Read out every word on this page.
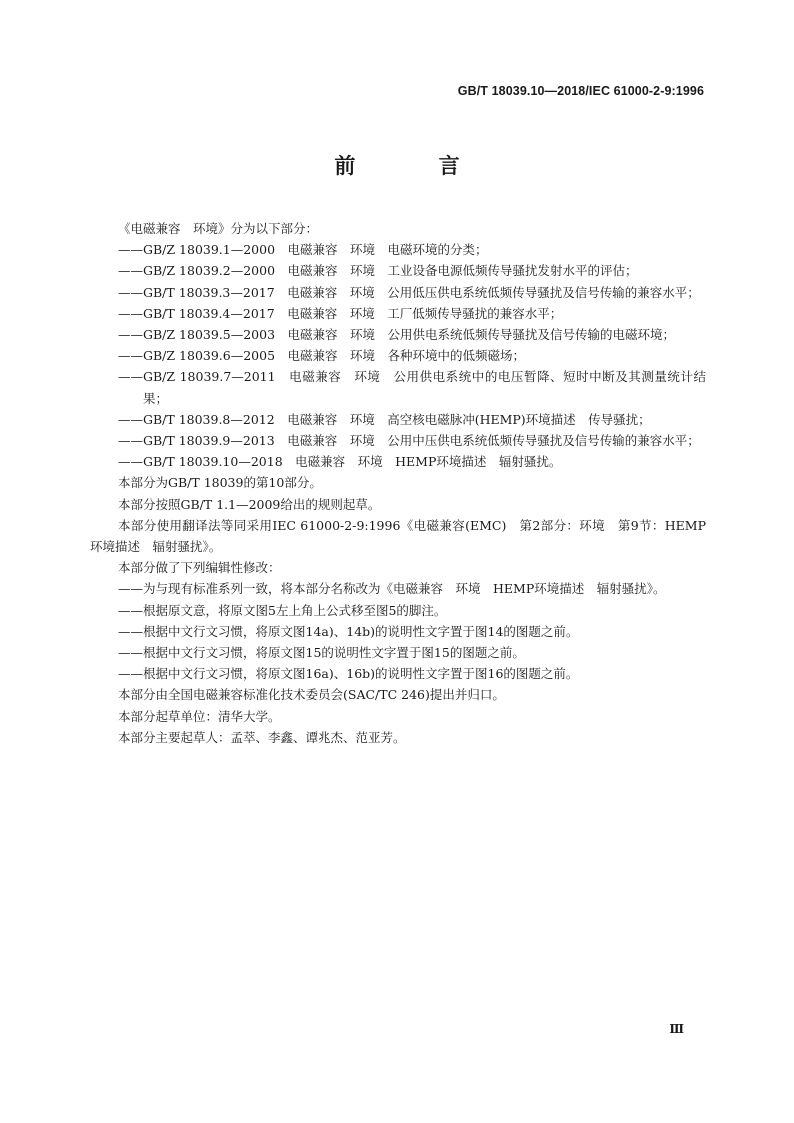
GB/T 18039.10—2018/IEC 61000-2-9:1996
前 言

《电磁兼容　环境》分为以下部分：

——GB/Z 18039.1—2000　电磁兼容　环境　电磁环境的分类；

——GB/Z 18039.2—2000　电磁兼容　环境　工业设备电源低频传导骚扰发射水平的评估；

——GB/T 18039.3—2017　电磁兼容　环境　公用低压供电系统低频传导骚扰及信号传输的兼容水平；

——GB/T 18039.4—2017　电磁兼容　环境　工厂低频传导骚扰的兼容水平；

——GB/Z 18039.5—2003　电磁兼容　环境　公用供电系统低频传导骚扰及信号传输的电磁环境；

——GB/Z 18039.6—2005　电磁兼容　环境　各种环境中的低频磁场；

——GB/Z 18039.7—2011　电磁兼容　环境　公用供电系统中的电压暂降、短时中断及其测量统计结果；

——GB/T 18039.8—2012　电磁兼容　环境　高空核电磁脉冲(HEMP)环境描述　传导骚扰；

——GB/T 18039.9—2013　电磁兼容　环境　公用中压供电系统低频传导骚扰及信号传输的兼容水平；

——GB/T 18039.10—2018　电磁兼容　环境　HEMP环境描述　辐射骚扰。

本部分为GB/T 18039的第10部分。

本部分按照GB/T 1.1—2009给出的规则起草。

本部分使用翻译法等同采用IEC 61000-2-9:1996《电磁兼容(EMC)　第2部分：环境　第9节：HEMP环境描述　辐射骚扰》。

本部分做了下列编辑性修改：

——为与现有标准系列一致，将本部分名称改为《电磁兼容　环境　HEMP环境描述　辐射骚扰》。

——根据原文意，将原文图5左上角上公式移至图5的脚注。

——根据中文行文习惯，将原文图14a)、14b)的说明性文字置于图14的图题之前。

——根据中文行文习惯，将原文图15的说明性文字置于图15的图题之前。

——根据中文行文习惯，将原文图16a)、16b)的说明性文字置于图16的图题之前。

本部分由全国电磁兼容标准化技术委员会(SAC/TC 246)提出并归口。

本部分起草单位：清华大学。

本部分主要起草人：孟萃、李鑫、谭兆杰、范亚芳。

Ⅲ
